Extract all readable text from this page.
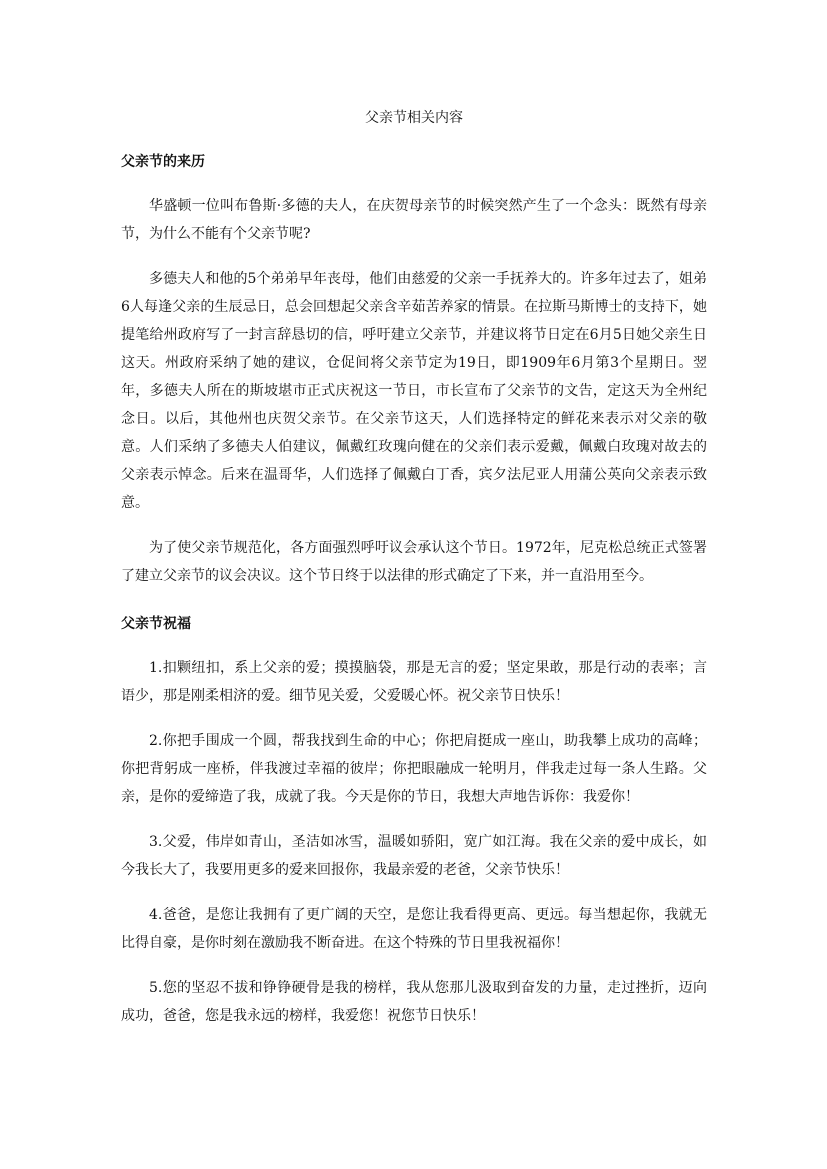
父亲节相关内容
父亲节的来历

华盛顿一位叫布鲁斯·多德的夫人，在庆贺母亲节的时候突然产生了一个念头：既然有母亲节，为什么不能有个父亲节呢?

多德夫人和他的5个弟弟早年丧母，他们由慈爱的父亲一手抚养大的。许多年过去了，姐弟6人每逢父亲的生辰忌日，总会回想起父亲含辛茹苦养家的情景。在拉斯马斯博士的支持下，她提笔给州政府写了一封言辞恳切的信，呼吁建立父亲节，并建议将节日定在6月5日她父亲生日这天。州政府采纳了她的建议，仓促间将父亲节定为19日，即1909年6月第3个星期日。翌年，多德夫人所在的斯坡堪市正式庆祝这一节日，市长宣布了父亲节的文告，定这天为全州纪念日。以后，其他州也庆贺父亲节。在父亲节这天，人们选择特定的鲜花来表示对父亲的敬意。人们采纳了多德夫人伯建议，佩戴红玫瑰向健在的父亲们表示爱戴，佩戴白玫瑰对故去的父亲表示悼念。后来在温哥华，人们选择了佩戴白丁香，宾夕法尼亚人用蒲公英向父亲表示致意。

为了使父亲节规范化，各方面强烈呼吁议会承认这个节日。1972年，尼克松总统正式签署了建立父亲节的议会决议。这个节日终于以法律的形式确定了下来，并一直沿用至今。

父亲节祝福

1.扣颗纽扣，系上父亲的爱；摸摸脑袋，那是无言的爱；坚定果敢，那是行动的表率；言语少，那是刚柔相济的爱。细节见关爱，父爱暖心怀。祝父亲节日快乐！

2.你把手围成一个圆，帮我找到生命的中心；你把肩挺成一座山，助我攀上成功的高峰；你把背躬成一座桥，伴我渡过幸福的彼岸；你把眼融成一轮明月，伴我走过每一条人生路。父亲，是你的爱缔造了我，成就了我。今天是你的节日，我想大声地告诉你：我爱你！

3.父爱，伟岸如青山，圣洁如冰雪，温暖如骄阳，宽广如江海。我在父亲的爱中成长，如今我长大了，我要用更多的爱来回报你，我最亲爱的老爸，父亲节快乐！

4.爸爸，是您让我拥有了更广阔的天空，是您让我看得更高、更远。每当想起你，我就无比得自豪，是你时刻在激励我不断奋进。在这个特殊的节日里我祝福你！

5.您的坚忍不拔和铮铮硬骨是我的榜样，我从您那儿汲取到奋发的力量，走过挫折，迈向成功，爸爸，您是我永远的榜样，我爱您！祝您节日快乐！
